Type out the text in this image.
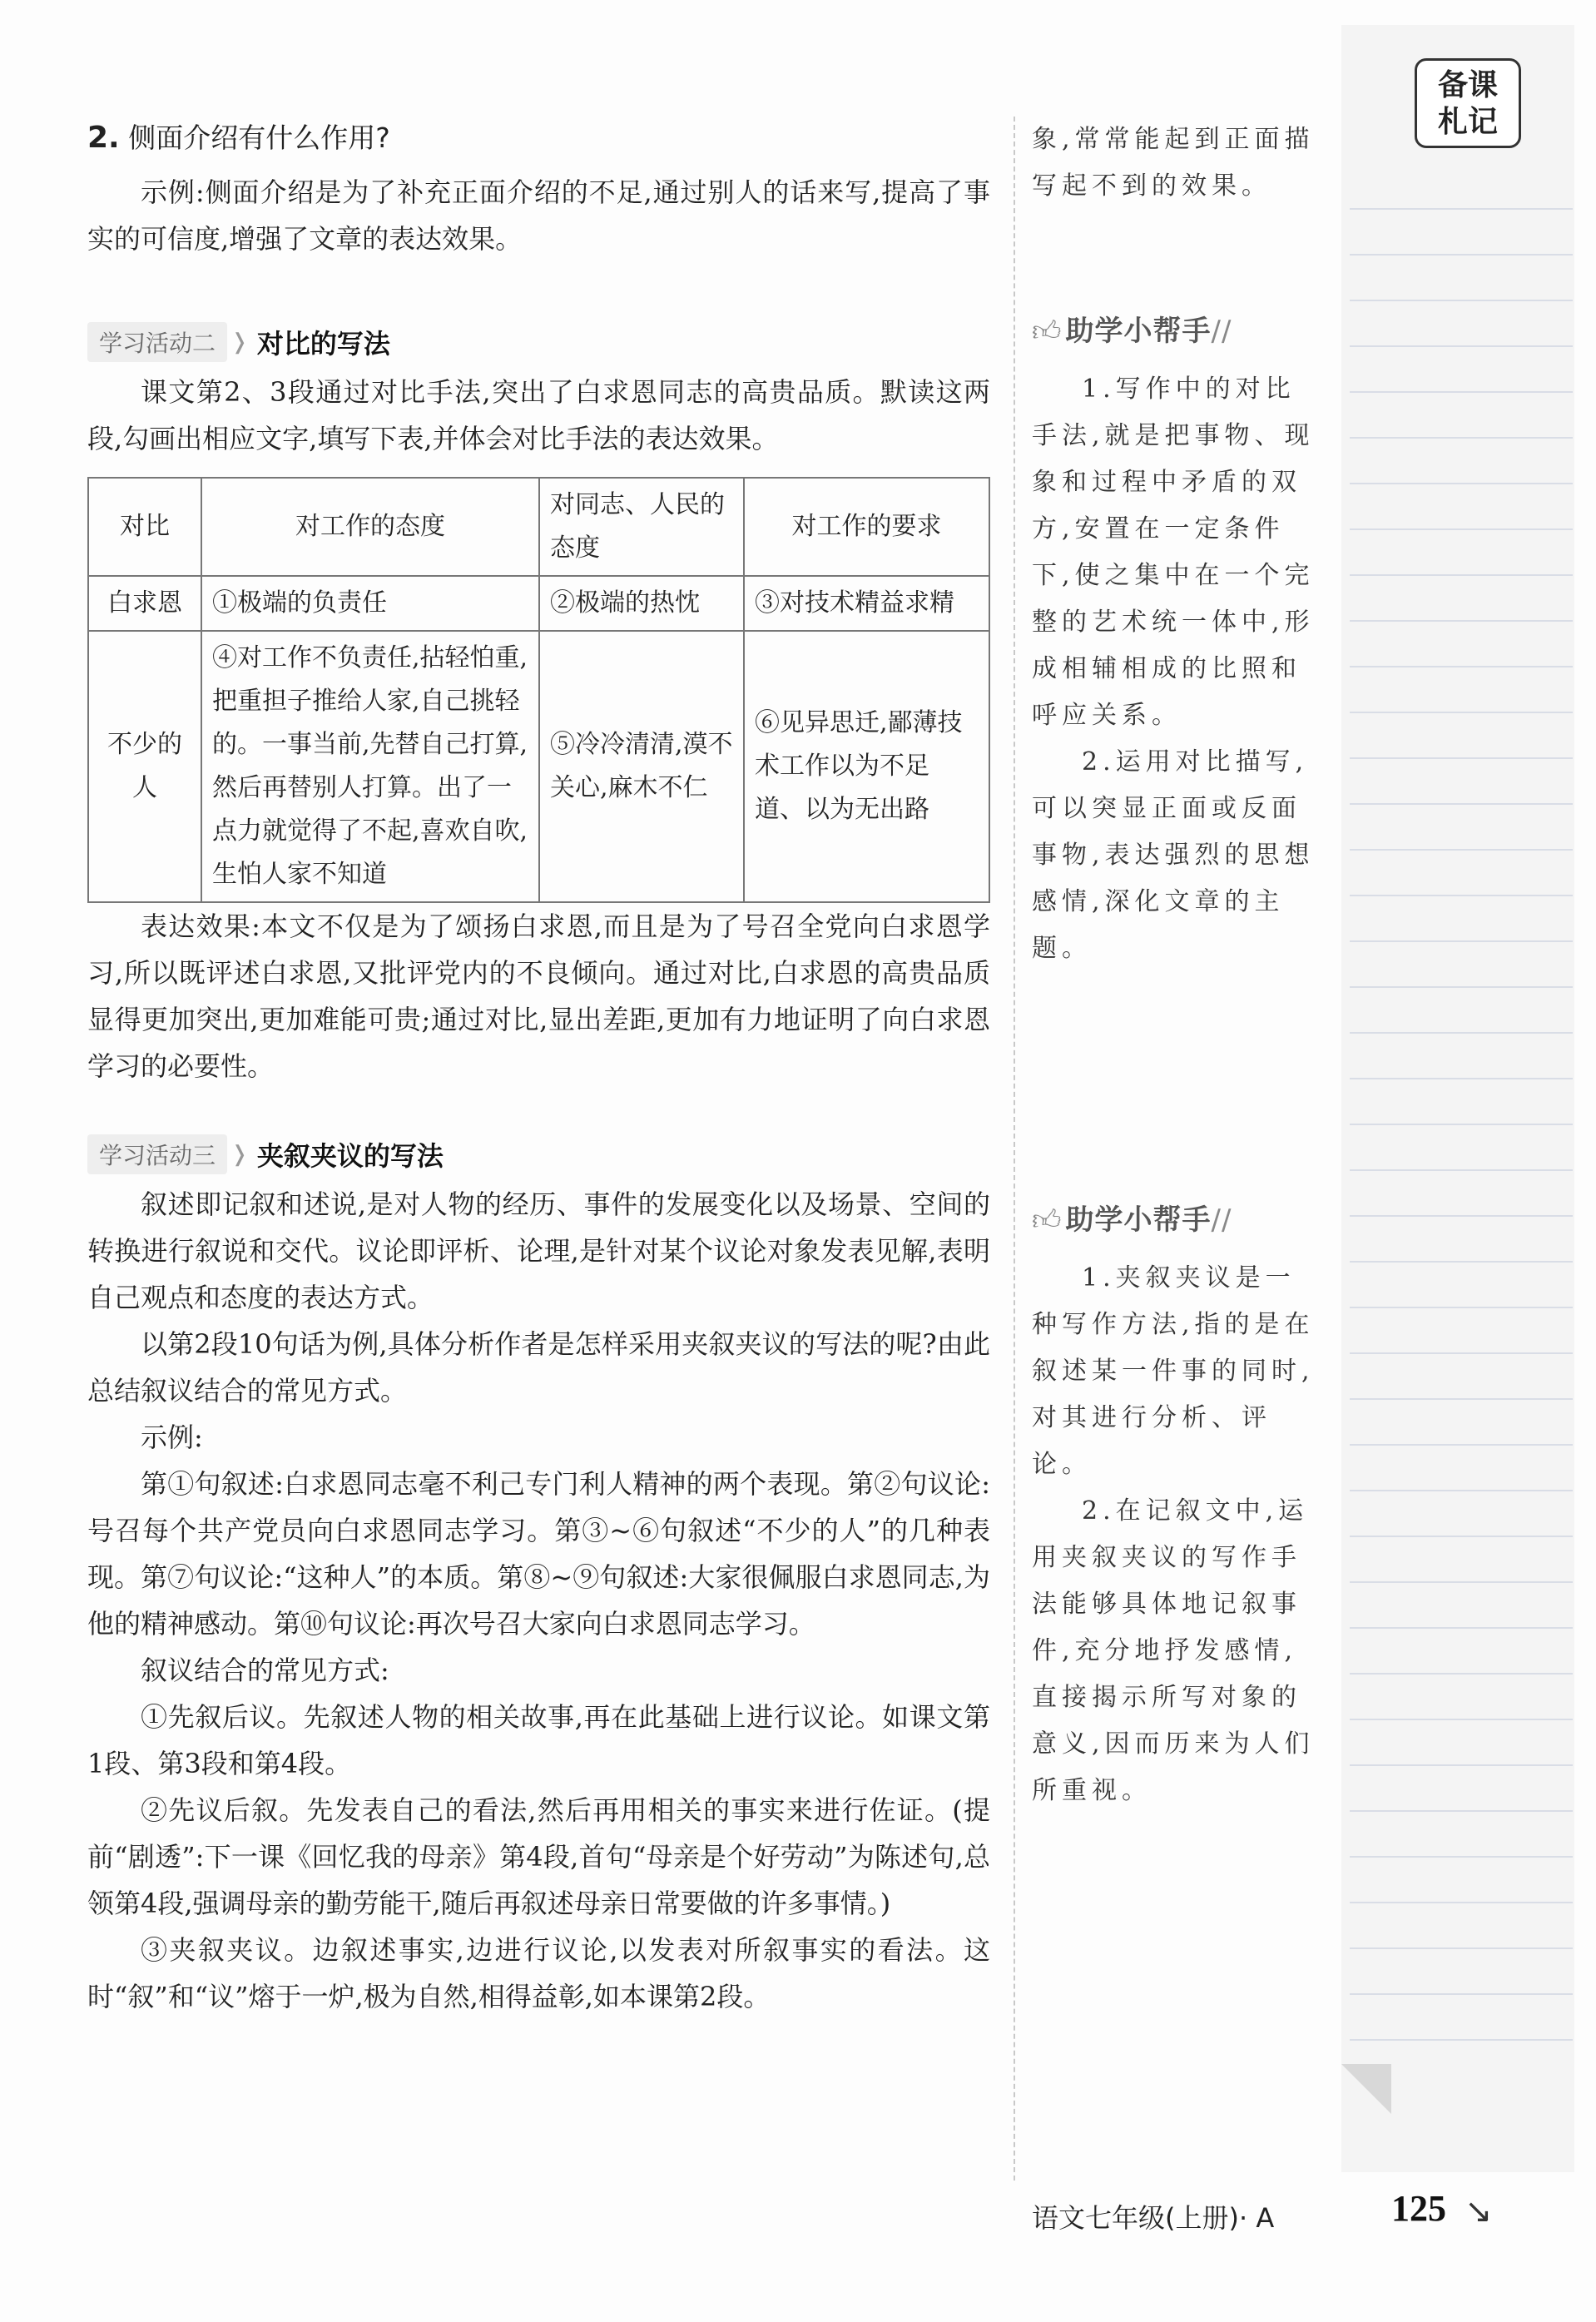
备课
札记
2. 侧面介绍有什么作用?

示例:侧面介绍是为了补充正面介绍的不足,通过别人的话来写,提高了事实的可信度,增强了文章的表达效果。

学习活动二 ❭ 对比的写法

课文第2、3段通过对比手法,突出了白求恩同志的高贵品质。默读这两段,勾画出相应文字,填写下表,并体会对比手法的表达效果。

对比	对工作的态度	对同志、人民的态度	对工作的要求
白求恩	①极端的负责任	②极端的热忱	③对技术精益求精
不少的人	④对工作不负责任,拈轻怕重,把重担子推给人家,自己挑轻的。一事当前,先替自己打算,然后再替别人打算。出了一点力就觉得了不起,喜欢自吹,生怕人家不知道	⑤冷冷清清,漠不关心,麻木不仁	⑥见异思迁,鄙薄技术工作以为不足道、以为无出路

表达效果:本文不仅是为了颂扬白求恩,而且是为了号召全党向白求恩学习,所以既评述白求恩,又批评党内的不良倾向。通过对比,白求恩的高贵品质显得更加突出,更加难能可贵;通过对比,显出差距,更加有力地证明了向白求恩学习的必要性。

学习活动三 ❭ 夹叙夹议的写法

叙述即记叙和述说,是对人物的经历、事件的发展变化以及场景、空间的转换进行叙说和交代。议论即评析、论理,是针对某个议论对象发表见解,表明自己观点和态度的表达方式。

以第2段10句话为例,具体分析作者是怎样采用夹叙夹议的写法的呢?由此总结叙议结合的常见方式。

示例:

第①句叙述:白求恩同志毫不利己专门利人精神的两个表现。第②句议论:号召每个共产党员向白求恩同志学习。第③~⑥句叙述“不少的人”的几种表现。第⑦句议论:“这种人”的本质。第⑧~⑨句叙述:大家很佩服白求恩同志,为他的精神感动。第⑩句议论:再次号召大家向白求恩同志学习。

叙议结合的常见方式:

①先叙后议。先叙述人物的相关故事,再在此基础上进行议论。如课文第1段、第3段和第4段。

②先议后叙。先发表自己的看法,然后再用相关的事实来进行佐证。(提前“剧透”:下一课《回忆我的母亲》第4段,首句“母亲是个好劳动”为陈述句,总领第4段,强调母亲的勤劳能干,随后再叙述母亲日常要做的许多事情。)

③夹叙夹议。边叙述事实,边进行议论,以发表对所叙事实的看法。这时“叙”和“议”熔于一炉,极为自然,相得益彰,如本课第2段。

象,常常能起到正面描写起不到的效果。
👍︎ 助学小帮手∕∕
1.写作中的对比手法,就是把事物、现象和过程中矛盾的双方,安置在一定条件下,使之集中在一个完整的艺术统一体中,形成相辅相成的比照和呼应关系。
2.运用对比描写,可以突显正面或反面事物,表达强烈的思想感情,深化文章的主题。
👍︎ 助学小帮手∕∕
1.夹叙夹议是一种写作方法,指的是在叙述某一件事的同时,对其进行分析、评论。
2.在记叙文中,运用夹叙夹议的写作手法能够具体地记叙事件,充分地抒发感情,直接揭示所写对象的意义,因而历来为人们所重视。
语文七年级(上册)· A	125 ↘
